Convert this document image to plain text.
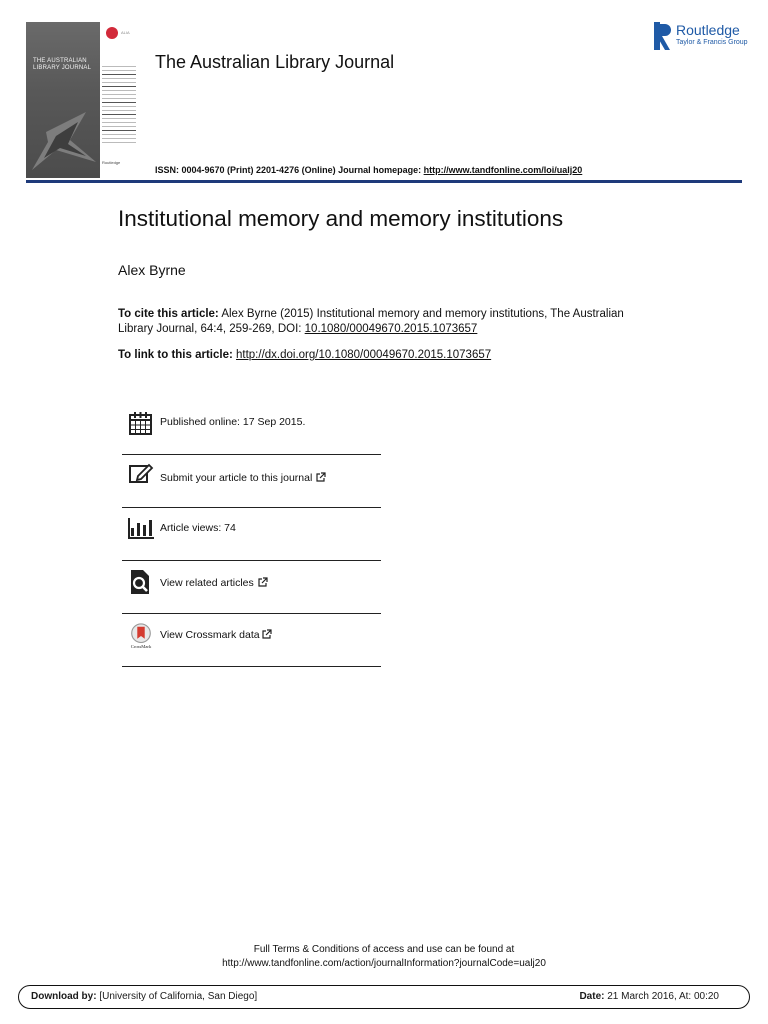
THE AUSTRALIAN LIBRARY JOURNAL
ALIA
Routledge
The Australian Library Journal
Routledge
Taylor & Francis Group
ISSN: 0004-9670 (Print) 2201-4276 (Online) Journal homepage: http://www.tandfonline.com/loi/ualj20
Institutional memory and memory institutions
Alex Byrne
To cite this article: Alex Byrne (2015) Institutional memory and memory institutions, The Australian Library Journal, 64:4, 259-269, DOI: 10.1080/00049670.2015.1073657
To link to this article: http://dx.doi.org/10.1080/00049670.2015.1073657
Published online: 17 Sep 2015.
Submit your article to this journal
Article views: 74
View related articles
CrossMark
View Crossmark data
Full Terms & Conditions of access and use can be found at
http://www.tandfonline.com/action/journalInformation?journalCode=ualj20
Download by: [University of California, San Diego]	Date: 21 March 2016, At: 00:20
